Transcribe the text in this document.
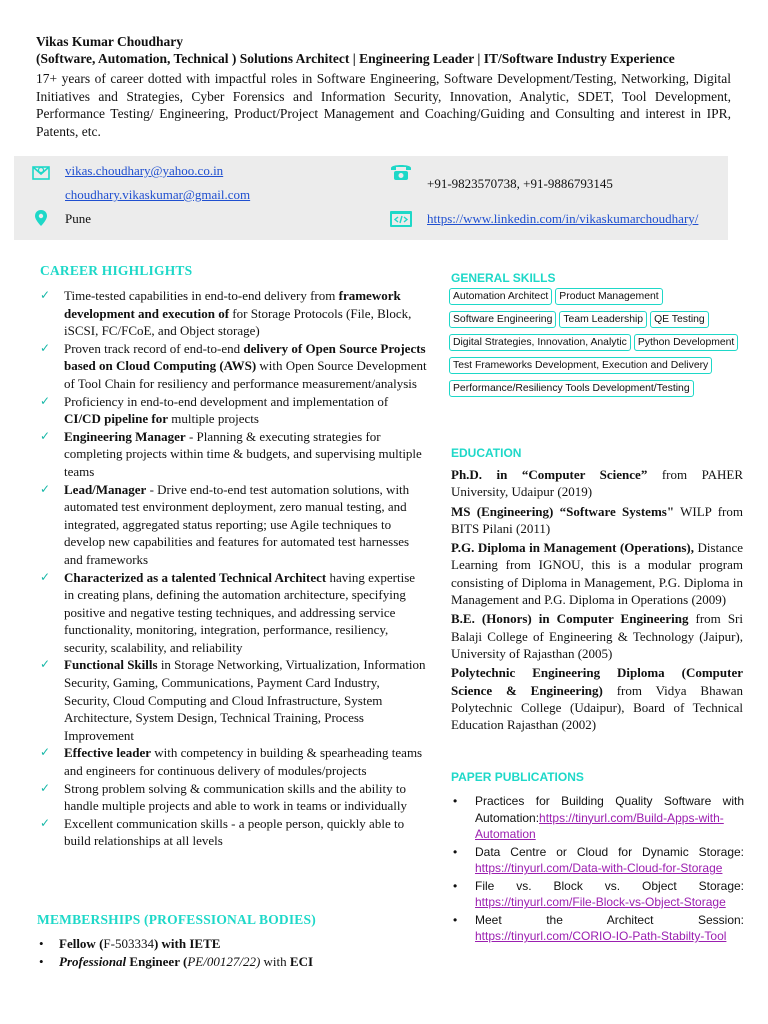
Vikas Kumar Choudhary
(Software, Automation, Technical ) Solutions Architect | Engineering Leader | IT/Software Industry Experience
17+ years of career dotted with impactful roles in Software Engineering, Software Development/Testing, Networking, Digital Initiatives and Strategies, Cyber Forensics and Information Security, Innovation, Analytic, SDET, Tool Development, Performance Testing/ Engineering, Product/Project Management and Coaching/Guiding and Consulting and interest in IPR, Patents, etc.
vikas.choudhary@yahoo.co.in
choudhary.vikaskumar@gmail.com
Pune
+91-9823570738, +91-9886793145
https://www.linkedin.com/in/vikaskumarchoudhary/
CAREER HIGHLIGHTS
✓ Time-tested capabilities in end-to-end delivery from framework development and execution of for Storage Protocols (File, Block, iSCSI, FC/FCoE, and Object storage)
✓ Proven track record of end-to-end delivery of Open Source Projects based on Cloud Computing (AWS) with Open Source Development of Tool Chain for resiliency and performance measurement/analysis
✓ Proficiency in end-to-end development and implementation of CI/CD pipeline for multiple projects
✓ Engineering Manager - Planning & executing strategies for completing projects within time & budgets, and supervising multiple teams
✓ Lead/Manager - Drive end-to-end test automation solutions, with automated test environment deployment, zero manual testing, and integrated, aggregated status reporting; use Agile techniques to develop new capabilities and features for automated test harnesses and frameworks
✓ Characterized as a talented Technical Architect having expertise in creating plans, defining the automation architecture, specifying positive and negative testing techniques, and addressing service functionality, monitoring, integration, performance, resiliency, security, scalability, and reliability
✓ Functional Skills in Storage Networking, Virtualization, Information Security, Gaming, Communications, Payment Card Industry, Security, Cloud Computing and Cloud Infrastructure, System Architecture, System Design, Technical Training, Process Improvement
✓ Effective leader with competency in building & spearheading teams and engineers for continuous delivery of modules/projects
✓ Strong problem solving & communication skills and the ability to handle multiple projects and able to work in teams or individually
✓ Excellent communication skills - a people person, quickly able to build relationships at all levels
MEMBERSHIPS (PROFESSIONAL BODIES)
• Fellow (F-503334) with IETE
• Professional Engineer (PE/00127/22) with ECI
GENERAL SKILLS
Automation Architect Product Management
Software Engineering Team Leadership QE Testing
Digital Strategies, Innovation, Analytic Python Development
Test Frameworks Development, Execution and Delivery
Performance/Resiliency Tools Development/Testing
EDUCATION

Ph.D. in “Computer Science” from PAHER University, Udaipur (2019)

MS (Engineering) “Software Systems" WILP from BITS Pilani (2011)

P.G. Diploma in Management (Operations), Distance Learning from IGNOU, this is a modular program consisting of Diploma in Management, P.G. Diploma in Management and P.G. Diploma in Operations (2009)

B.E. (Honors) in Computer Engineering from Sri Balaji College of Engineering & Technology (Jaipur), University of Rajasthan (2005)

Polytechnic Engineering Diploma (Computer Science & Engineering) from Vidya Bhawan Polytechnic College (Udaipur), Board of Technical Education Rajasthan (2002)

PAPER PUBLICATIONS
• Practices for Building Quality Software with Automation:https://tinyurl.com/Build-Apps-with-Automation
• Data Centre or Cloud for Dynamic Storage: https://tinyurl.com/Data-with-Cloud-for-Storage
• File vs. Block vs. Object Storage: https://tinyurl.com/File-Block-vs-Object-Storage
• Meet the Architect Session: https://tinyurl.com/CORIO-IO-Path-Stabilty-Tool
